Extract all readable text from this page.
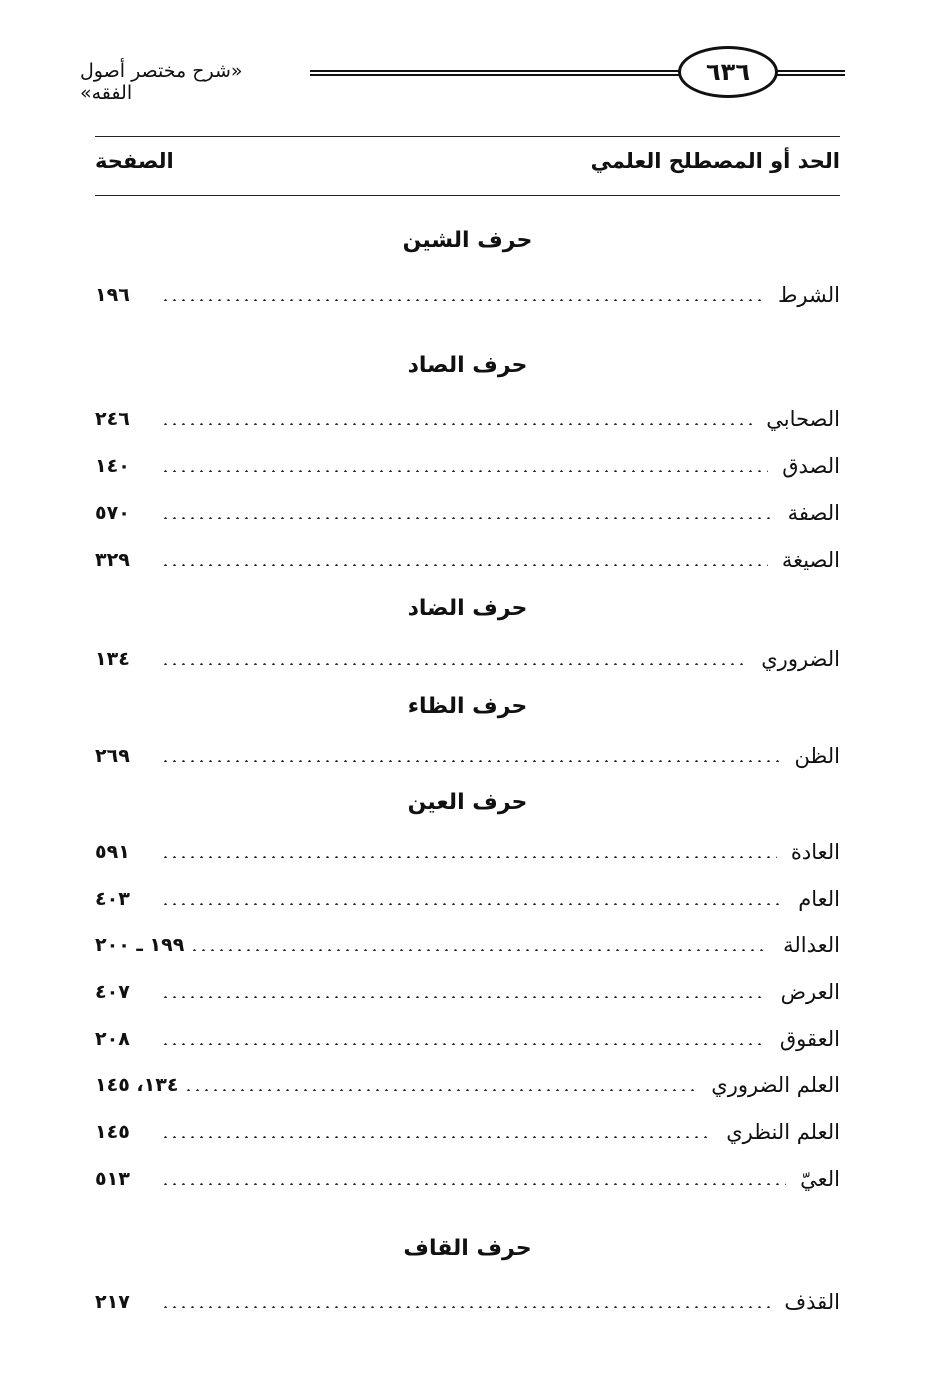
«شرح مختصر أصول الفقه»
٦٣٦
الحد أو المصطلح العلمي
الصفحة
حرف الشين
الشرط
١٩٦
حرف الصاد
الصحابي
٢٤٦
الصدق
١٤٠
الصفة
٥٧٠
الصيغة
٣٢٩
حرف الضاد
الضروري
١٣٤
حرف الظاء
الظن
٢٦٩
حرف العين
العادة
٥٩١
العام
٤٠٣
العدالة
١٩٩ ـ ٢٠٠
العرض
٤٠٧
العقوق
٢٠٨
العلم الضروري
١٣٤، ١٤٥
العلم النظري
١٤٥
العيّ
٥١٣
حرف القاف
القذف
٢١٧
